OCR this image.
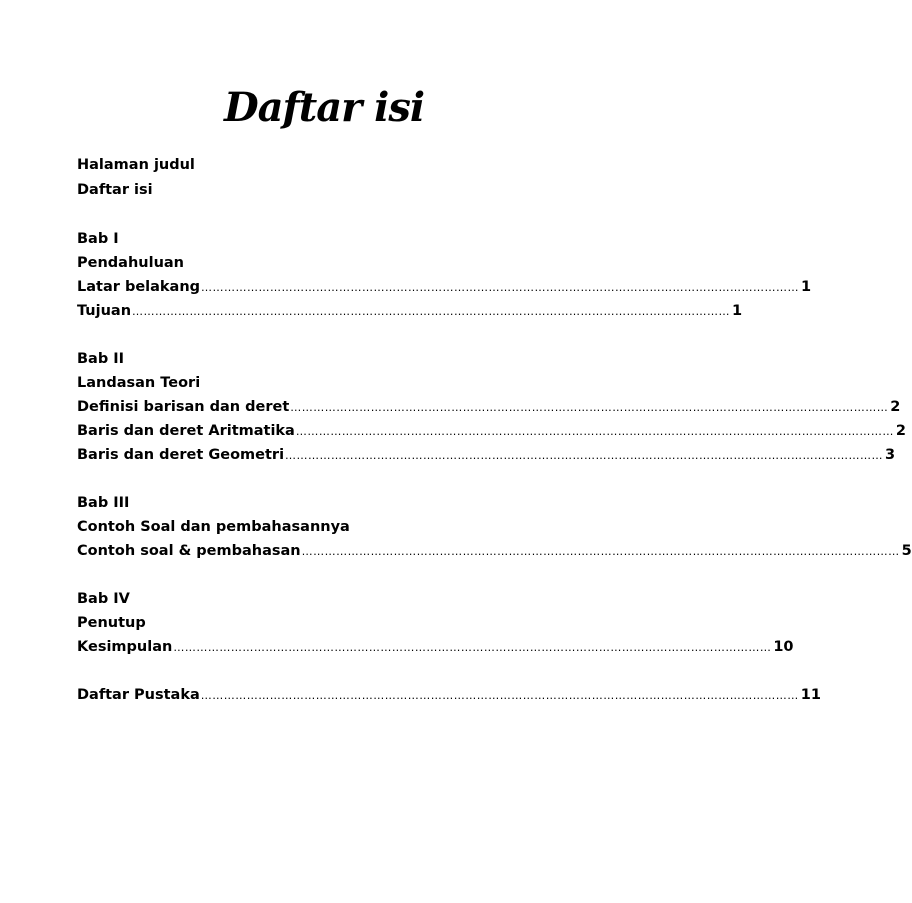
Daftar isi
Halaman judul
Daftar isi
Bab I
Pendahuluan
Latar belakang ………………………………………………………………………………………………………………………………………… 1
Tujuan ………………………………………………………………………………………………………………………………………… 1
Bab II
Landasan Teori
Definisi barisan dan deret ………………………………………………………………………………………………………………………………………… 2
Baris dan deret Aritmatika ………………………………………………………………………………………………………………………………………… 2
Baris dan deret Geometri ………………………………………………………………………………………………………………………………………… 3
Bab III
Contoh Soal dan pembahasannya
Contoh soal & pembahasan ………………………………………………………………………………………………………………………………………… 5
Bab IV
Penutup
Kesimpulan ………………………………………………………………………………………………………………………………………… 10
Daftar Pustaka ………………………………………………………………………………………………………………………………………… 11
